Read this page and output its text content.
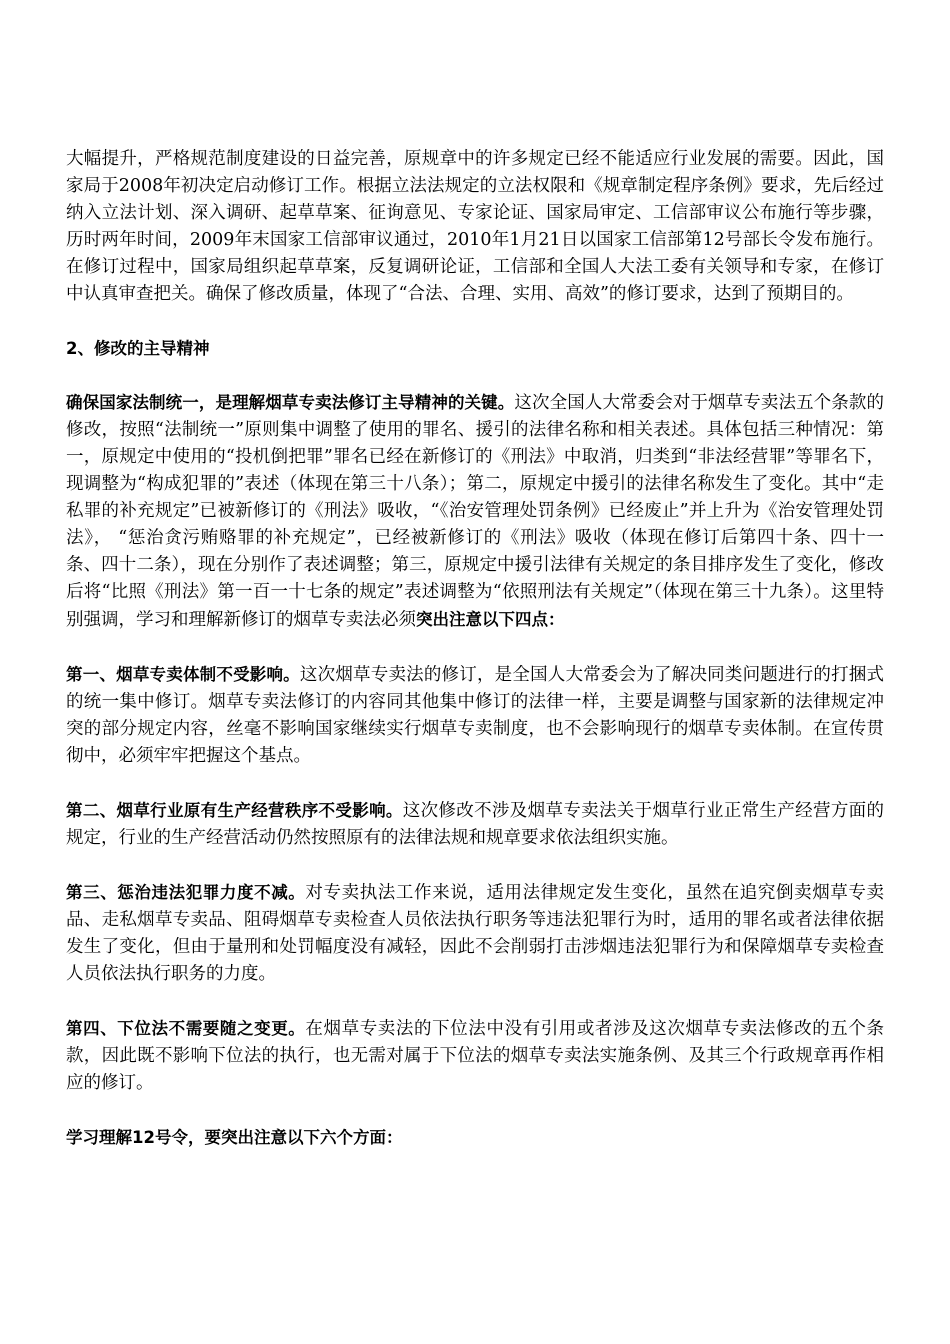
大幅提升，严格规范制度建设的日益完善，原规章中的许多规定已经不能适应行业发展的需要。因此，国家局于2008年初决定启动修订工作。根据立法法规定的立法权限和《规章制定程序条例》要求，先后经过纳入立法计划、深入调研、起草草案、征询意见、专家论证、国家局审定、工信部审议公布施行等步骤，历时两年时间，2009年末国家工信部审议通过，2010年1月21日以国家工信部第12号部长令发布施行。在修订过程中，国家局组织起草草案，反复调研论证，工信部和全国人大法工委有关领导和专家，在修订中认真审查把关。确保了修改质量，体现了“合法、合理、实用、高效”的修订要求，达到了预期目的。

2、修改的主导精神

确保国家法制统一，是理解烟草专卖法修订主导精神的关键。这次全国人大常委会对于烟草专卖法五个条款的修改，按照“法制统一”原则集中调整了使用的罪名、援引的法律名称和相关表述。具体包括三种情况：第一，原规定中使用的“投机倒把罪”罪名已经在新修订的《刑法》中取消，归类到“非法经营罪”等罪名下，现调整为“构成犯罪的”表述（体现在第三十八条）；第二，原规定中援引的法律名称发生了变化。其中“走私罪的补充规定”已被新修订的《刑法》吸收，“《治安管理处罚条例》已经废止”并上升为《治安管理处罚法》， “惩治贪污贿赂罪的补充规定”，已经被新修订的《刑法》吸收（体现在修订后第四十条、四十一条、四十二条），现在分别作了表述调整；第三，原规定中援引法律有关规定的条目排序发生了变化，修改后将“比照《刑法》第一百一十七条的规定”表述调整为“依照刑法有关规定”（体现在第三十九条）。这里特别强调，学习和理解新修订的烟草专卖法必须突出注意以下四点：

第一、烟草专卖体制不受影响。这次烟草专卖法的修订，是全国人大常委会为了解决同类问题进行的打捆式的统一集中修订。烟草专卖法修订的内容同其他集中修订的法律一样，主要是调整与国家新的法律规定冲突的部分规定内容，丝毫不影响国家继续实行烟草专卖制度，也不会影响现行的烟草专卖体制。在宣传贯彻中，必须牢牢把握这个基点。

第二、烟草行业原有生产经营秩序不受影响。这次修改不涉及烟草专卖法关于烟草行业正常生产经营方面的规定，行业的生产经营活动仍然按照原有的法律法规和规章要求依法组织实施。

第三、惩治违法犯罪力度不减。对专卖执法工作来说，适用法律规定发生变化，虽然在追究倒卖烟草专卖品、走私烟草专卖品、阻碍烟草专卖检查人员依法执行职务等违法犯罪行为时，适用的罪名或者法律依据发生了变化，但由于量刑和处罚幅度没有减轻，因此不会削弱打击涉烟违法犯罪行为和保障烟草专卖检查人员依法执行职务的力度。

第四、下位法不需要随之变更。在烟草专卖法的下位法中没有引用或者涉及这次烟草专卖法修改的五个条款，因此既不影响下位法的执行，也无需对属于下位法的烟草专卖法实施条例、及其三个行政规章再作相应的修订。

学习理解12号令，要突出注意以下六个方面：
